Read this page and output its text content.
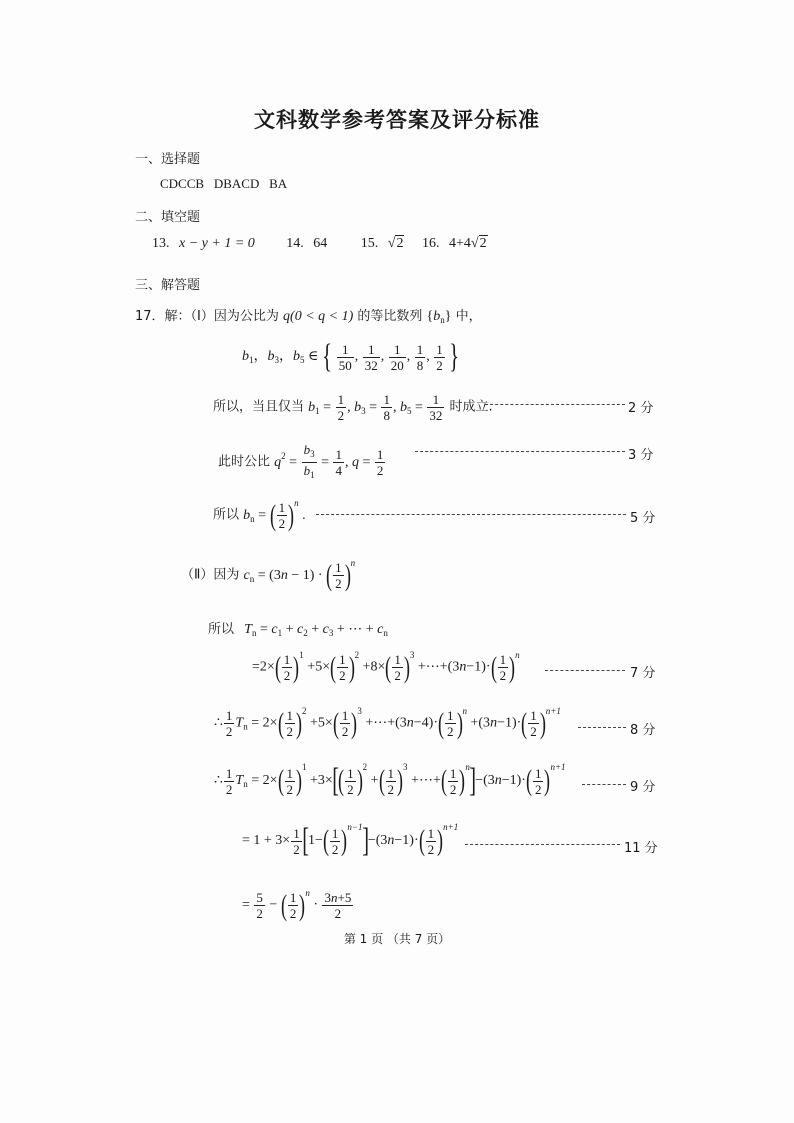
文科数学参考答案及评分标准
一、选择题
CDCCB   DBACD   BA
二、填空题
13. x − y + 1 = 0 14. 64 15. √2 16. 4+4√2
三、解答题
17．解：（Ⅰ）因为公比为 q(0 < q < 1) 的等比数列 $\{b_n\}$ 中，
$b_1$，$b_3$，$b_5$ ∈ { $\frac{1}{50}$ , $\frac{1}{32}$ , $\frac{1}{20}$ , $\frac{1}{8}$ , $\frac{1}{2}$ }
所以，当且仅当 $b_1 = \frac{1}{2}$ , $b_3 = \frac{1}{8}$ , $b_5 = \frac{1}{32}$ 时成立.	2 分
此时公比 $q^2 = \frac{b_3}{b_1} = \frac{1}{4}$ , $q = \frac{1}{2}$	3 分
所以 $b_n$ = ( $\frac{1}{2} )n$ .	5 分
（Ⅱ）因为 $c_n = (3n - 1)$ · ( $\frac{1}{2} )n$
所以 $T_n = c_1 + c_2 + c_3$ + ⋯ + $c_n$
$=2\times( \frac{1}{2} )1 +5\times( \frac{1}{2} )2 +8\times( \frac{1}{2} )3$ +⋯+(3n−1)·( $\frac{1}{2} )n$
7 分
∴ $\frac{1}{2} T_n = 2\times( \frac{1}{2} )2 +5\times( \frac{1}{2} )3$ +⋯+(3n−4)·( $\frac{1}{2} )n +(3n-1)\cdot( \frac{1}{2} )n+1$
8 分
∴ $\frac{1}{2} T_n = 2\times( \frac{1}{2} )1 +3\times[( \frac{1}{2} )2$ +( $\frac{1}{2} )3$ +⋯+( $\frac{1}{2} )n]-(3n-1)\cdot( \frac{1}{2} )n+1$
9 分
= $1 + 3\times \frac{1}{2} [1-( \frac{1}{2} )n-1]-(3n-1)\cdot( \frac{1}{2} )n+1$
11 分
= $\frac{5}{2}$ − ( $\frac{1}{2} )n \cdot \frac{3n+5}{2}$
第 1 页 （共 7 页）
